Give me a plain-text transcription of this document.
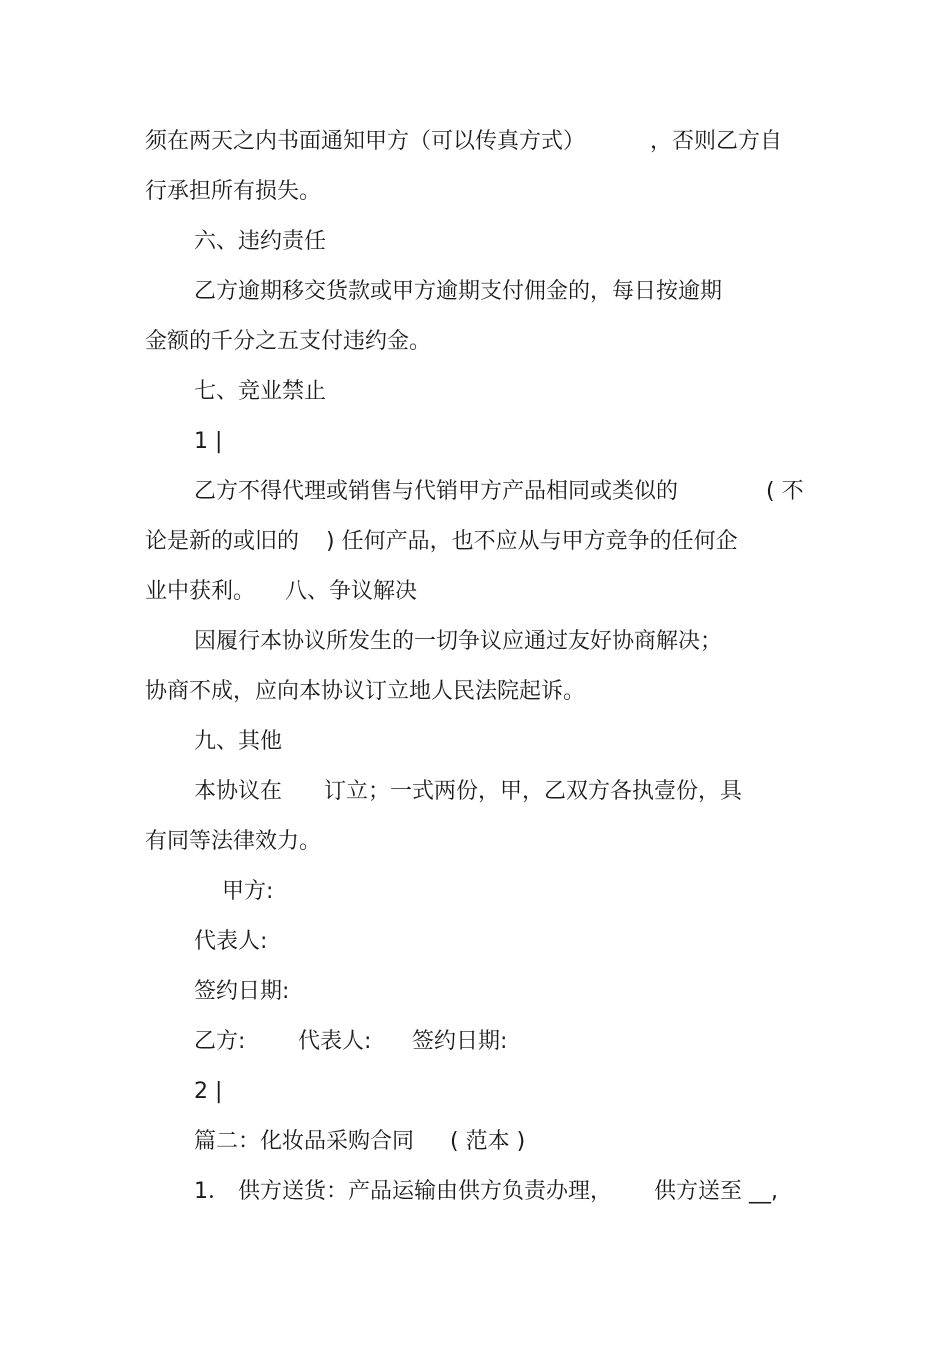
须在两天之内书面通知甲方（可以传真方式）	，否则乙方自
行承担所有损失。
六、违约责任
乙方逾期移交货款或甲方逾期支付佣金的，每日按逾期
金额的千分之五支付违约金。
七、竞业禁止
1 |
乙方不得代理或销售与代销甲方产品相同或类似的	( 不
论是新的或旧的 ) 任何产品，也不应从与甲方竞争的任何企
业中获利。 八、争议解决
因履行本协议所发生的一切争议应通过友好协商解决；
协商不成，应向本协议订立地人民法院起诉。
九、其他
本协议在 订立；一式两份，甲，乙双方各执壹份，具
有同等法律效力。
甲方:
代表人:
签约日期:
乙方: 代表人: 签约日期:
2 |
篇二：化妆品采购合同 ( 范本 )
1． 供方送货：产品运输由供方负责办理， 供方送至 __,
